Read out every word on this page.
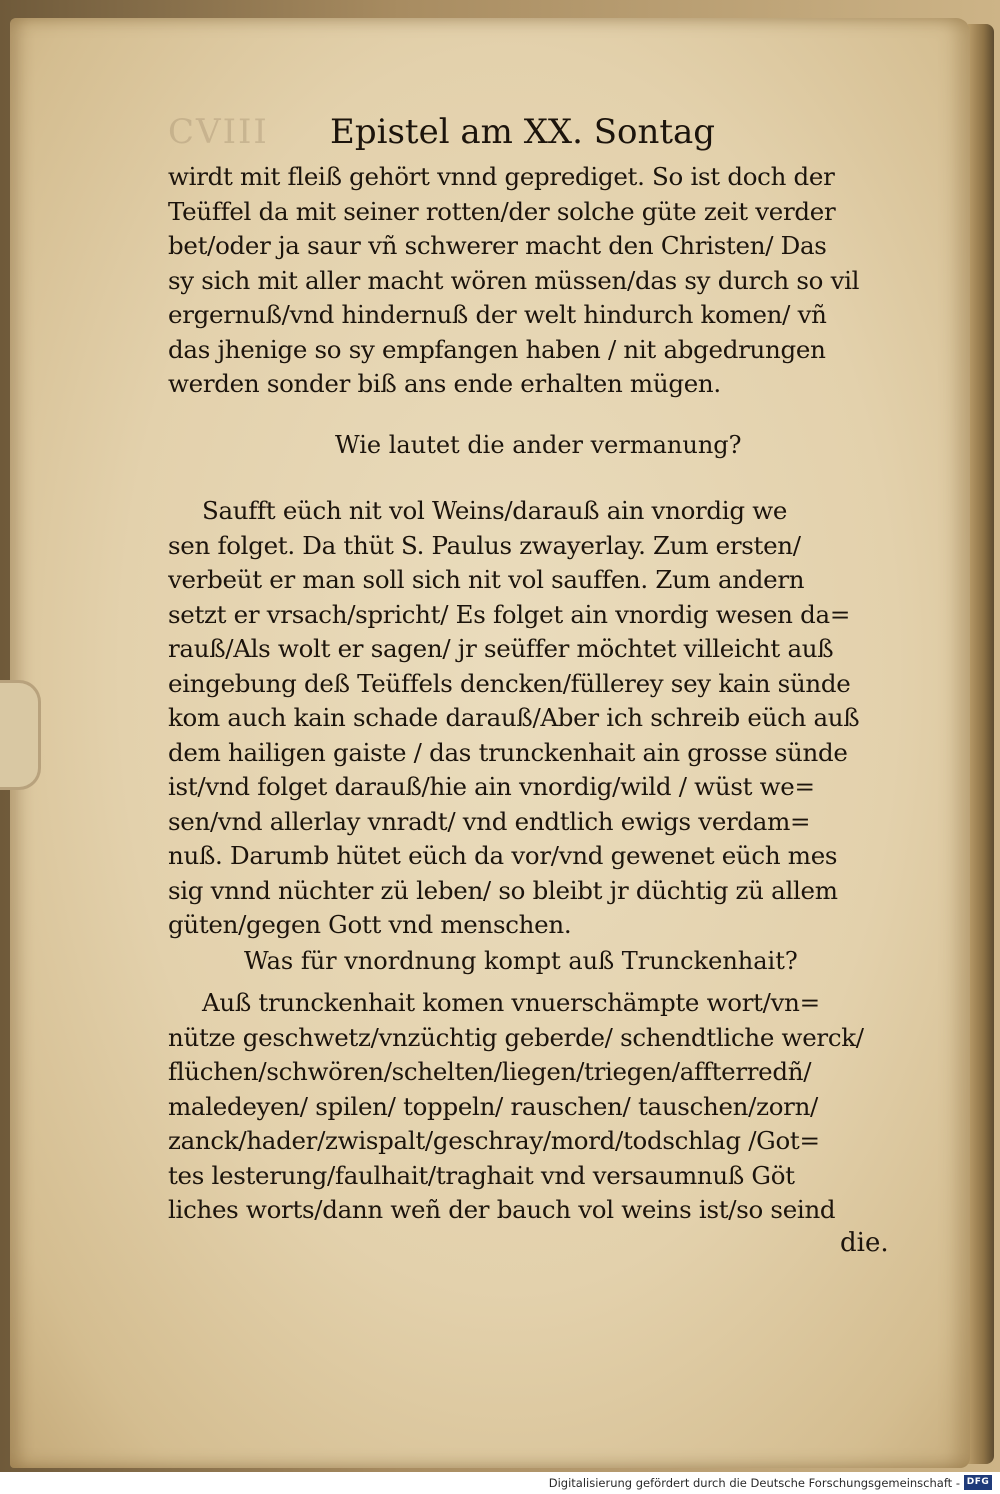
CVIII Epistel am XX. Sontag
wirdt mit fleiß gehört vnnd geprediget. So ist doch der
Teüffel da mit seiner rotten/der solche güte zeit verder
bet/oder ja saur vñ schwerer macht den Christen/ Das
sy sich mit aller macht wören müssen/das sy durch so vil
ergernuß/vnd hindernuß der welt hindurch komen/ vñ
das jhenige so sy empfangen haben / nit abgedrungen
werden sonder biß ans ende erhalten mügen.
Wie lautet die ander vermanung?
Saufft eüch nit vol Weins/darauß ain vnordig we
sen folget. Da thüt S. Paulus zwayerlay. Zum ersten/
verbeüt er man soll sich nit vol sauffen. Zum andern
setzt er vrsach/spricht/ Es folget ain vnordig wesen da=
rauß/Als wolt er sagen/ jr seüffer möchtet villeicht auß
eingebung deß Teüffels dencken/füllerey sey kain sünde
kom auch kain schade darauß/Aber ich schreib eüch auß
dem hailigen gaiste / das trunckenhait ain grosse sünde
ist/vnd folget darauß/hie ain vnordig/wild / wüst we=
sen/vnd allerlay vnradt/ vnd endtlich ewigs verdam=
nuß. Darumb hütet eüch da vor/vnd gewenet eüch mes
sig vnnd nüchter zü leben/ so bleibt jr düchtig zü allem
güten/gegen Gott vnd menschen.
Was für vnordnung kompt auß Trunckenhait?
Auß trunckenhait komen vnuerschämpte wort/vn=
nütze geschwetz/vnzüchtig geberde/ schendtliche werck/
flüchen/schwören/schelten/liegen/triegen/affterredñ/
maledeyen/ spilen/ toppeln/ rauschen/ tauschen/zorn/
zanck/hader/zwispalt/geschray/mord/todschlag /Got=
tes lesterung/faulhait/traghait vnd versaumnuß Göt
liches worts/dann weñ der bauch vol weins ist/so seind
die.
Digitalisierung gefördert durch die Deutsche Forschungsgemeinschaft - DFG
